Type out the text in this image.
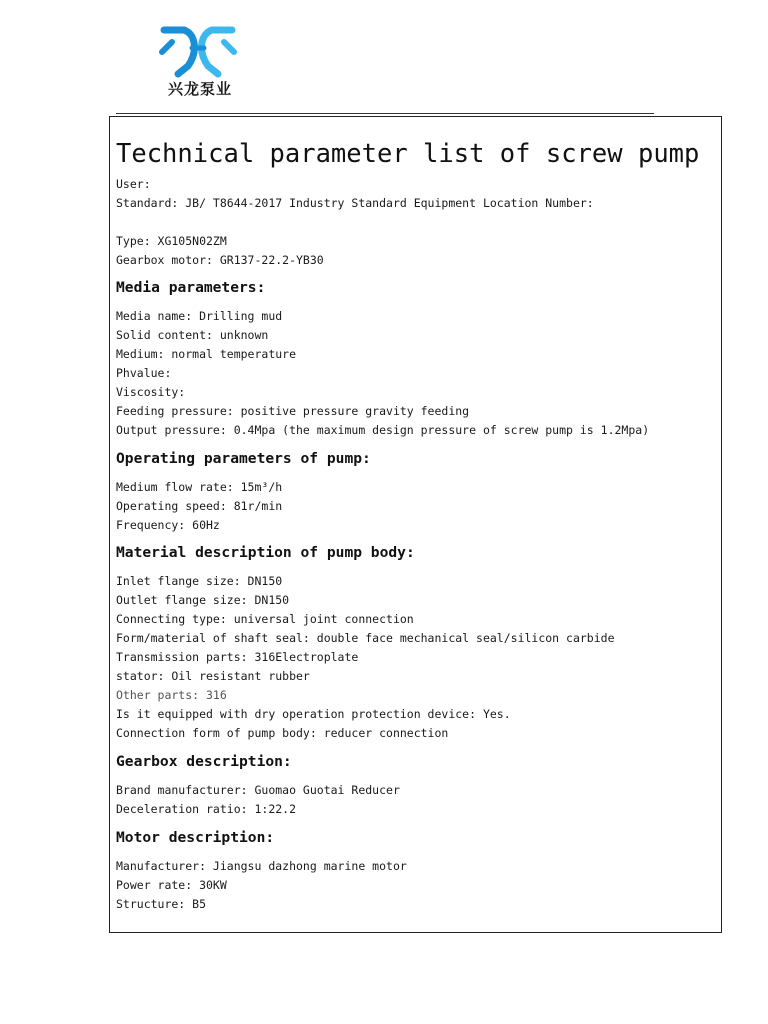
兴龙泵业
Technical parameter list of screw pump
User:
Standard: JB/ T8644-2017 Industry Standard Equipment Location Number:
Type: XG105N02ZM
Gearbox motor: GR137-22.2-YB30
Media parameters:
Media name: Drilling mud
Solid content: unknown
Medium: normal temperature
Phvalue:
Viscosity:
Feeding pressure: positive pressure gravity feeding
Output pressure: 0.4Mpa (the maximum design pressure of screw pump is 1.2Mpa)
Operating parameters of pump:
Medium flow rate: 15m³/h
Operating speed: 81r/min
Frequency: 60Hz
Material description of pump body:
Inlet flange size: DN150
Outlet flange size: DN150
Connecting type: universal joint connection
Form/material of shaft seal: double face mechanical seal/silicon carbide
Transmission parts: 316Electroplate
stator: Oil resistant rubber
Other parts: 316
Is it equipped with dry operation protection device: Yes.
Connection form of pump body: reducer connection
Gearbox description:
Brand manufacturer: Guomao Guotai Reducer
Deceleration ratio: 1:22.2
Motor description:
Manufacturer: Jiangsu dazhong marine motor
Power rate: 30KW
Structure: B5
